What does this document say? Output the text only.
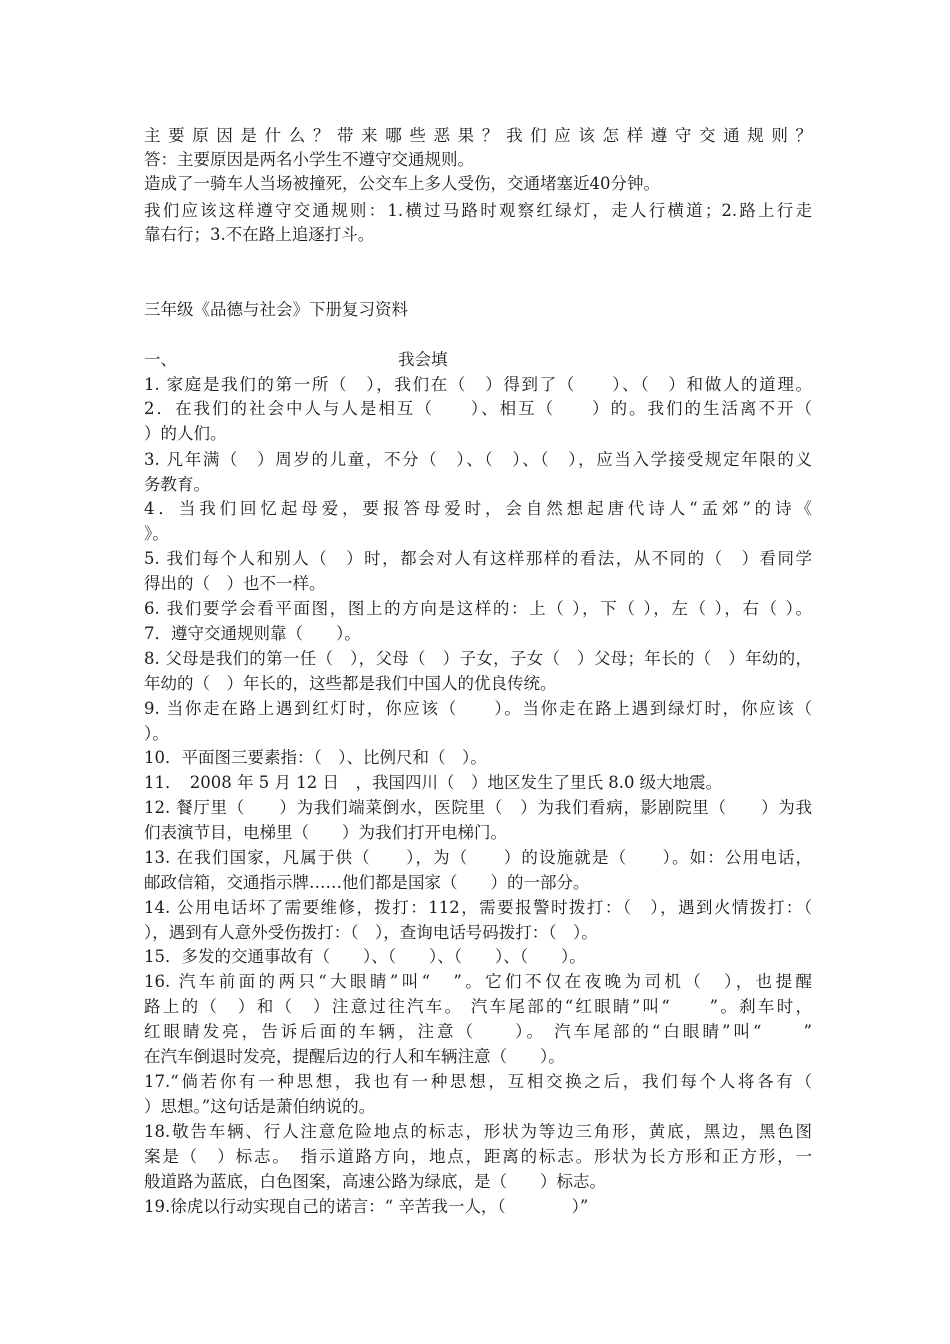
主要原因是什么？带来哪些恶果？我们应该怎样遵守交通规则？
答：主要原因是两名小学生不遵守交通规则。
造成了一骑车人当场被撞死，公交车上多人受伤，交通堵塞近40分钟。
我们应该这样遵守交通规则：1.横过马路时观察红绿灯，走人行横道；2.路上行走
靠右行；3.不在路上追逐打斗。
三年级《品德与社会》下册复习资料
一、	我会填
1. 家庭是我们的第一所（　），我们在（　）得到了（　　）、（　）和做人的道理。
2．在我们的社会中人与人是相互（　　）、相互（　　）的。我们的生活离不开（
）的人们。
3. 凡年满（　）周岁的儿童，不分（　）、（　）、（　），应当入学接受规定年限的义
务教育。
4．当我们回忆起母爱，要报答母爱时，会自然想起唐代诗人“孟郊”的诗《
》。
5. 我们每个人和别人（　）时，都会对人有这样那样的看法，从不同的（　）看同学
得出的（　）也不一样。
6. 我们要学会看平面图，图上的方向是这样的：上（ ），下（ ），左（ ），右（ ）。
7．遵守交通规则靠（　　）。
8. 父母是我们的第一任（　），父母（　）子女，子女（　）父母；年长的（　）年幼的，
年幼的（　）年长的，这些都是我们中国人的优良传统。
9. 当你走在路上遇到红灯时，你应该（　　）。当你走在路上遇到绿灯时，你应该（
）。
10．平面图三要素指：（　）、比例尺和（　）。
11．　2008 年 5 月 12 日　，我国四川（　）地区发生了里氏 8.0 级大地震。
12. 餐厅里（　　）为我们端菜倒水，医院里（　）为我们看病，影剧院里（　　）为我
们表演节目，电梯里（　　）为我们打开电梯门。
13. 在我们国家，凡属于供（　　），为（　　）的设施就是（　　）。如：公用电话，
邮政信箱，交通指示牌……他们都是国家（　　）的一部分。
14. 公用电话坏了需要维修，拨打：112，需要报警时拨打：（　），遇到火情拨打：（
），遇到有人意外受伤拨打：（　），查询电话号码拨打：（　）。
15．多发的交通事故有（　　）、（　　）、（　　）、（　　）。
16. 汽车前面的两只“大眼睛”叫“　”。它们不仅在夜晚为司机（　），也提醒
路上的（　）和（　）注意过往汽车。 汽车尾部的“红眼睛”叫“　　”。刹车时，
红眼睛发亮，告诉后面的车辆，注意（　　）。 汽车尾部的“白眼睛”叫“　　”
在汽车倒退时发亮，提醒后边的行人和车辆注意（　　）。
17.“倘若你有一种思想，我也有一种思想，互相交换之后，我们每个人将各有（
）思想。”这句话是萧伯纳说的。
18.敬告车辆、行人注意危险地点的标志，形状为等边三角形，黄底，黑边，黑色图
案是（　）标志。　指示道路方向，地点，距离的标志。形状为长方形和正方形，一
般道路为蓝底，白色图案，高速公路为绿底，是（　　）标志。
19.徐虎以行动实现自己的诺言：“ 辛苦我一人，（　　　　）”
